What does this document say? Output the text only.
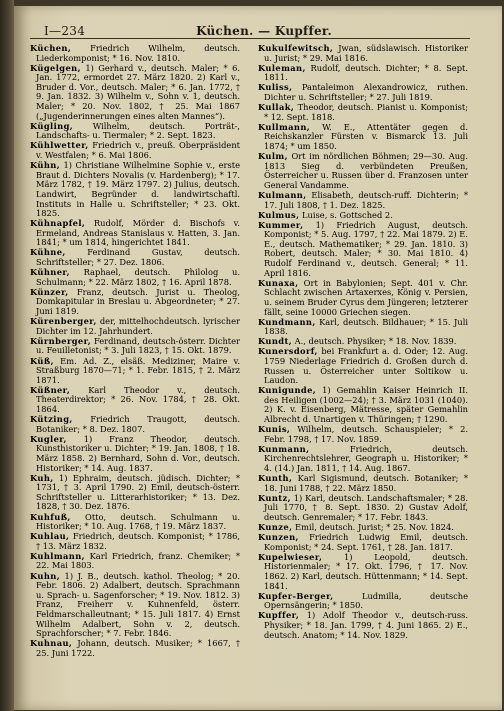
I—234	Küchen. — Kupffer.

Küchen, Friedrich Wilhelm, deutsch. Liederkomponist; * 16. Nov. 1810.

Kügelgen, 1) Gerhard v., deutsch. Maler; * 6. Jan. 1772, ermordet 27. März 1820. 2) Karl v., Bruder d. Vor., deutsch. Maler; * 6. Jan. 1772, † 9. Jan. 1832. 3) Wilhelm v., Sohn v. 1, deutsch. Maler; * 20. Nov. 1802, † 25. Mai 1867 („Jugenderinnerungen eines alten Mannes“).

Kügling, Wilhelm, deutsch. Porträt-, Landschafts- u. Tiermaler; * 2. Sept. 1823.

Kühlwetter, Friedrich v., preuß. Oberpräsident v. Westfalen; * 6. Mai 1806.

Kühn, 1) Christiane Wilhelmine Sophie v., erste Braut d. Dichters Novalis (v. Hardenberg); * 17. März 1782, † 19. März 1797. 2) Julius, deutsch. Landwirt, Begründer d. landwirtschaftl. Instituts in Halle u. Schriftsteller; * 23. Okt. 1825.

Kühnapfel, Rudolf, Mörder d. Bischofs v. Ermeland, Andreas Stanislaus v. Hatten, 3. Jan. 1841; * um 1814, hingerichtet 1841.

Kühne,	Ferdinand Gustav, deutsch. Schriftsteller; * 27. Dez. 1806.

Kühner, Raphael, deutsch. Philolog u. Schulmann; * 22. März 1802, † 16. April 1878.

Künzer, Franz, deutsch. Jurist u. Theolog, Domkapitular in Breslau u. Abgeordneter; * 27. Juni 1819.

Kürenberger, der, mittelhochdeutsch. lyrischer Dichter im 12. Jahrhundert.

Kürnberger, Ferdinand, deutsch-österr. Dichter u. Feuilletonist; * 3. Juli 1823, † 15. Okt. 1879.

Küß, Em. Ad. Z., elsäß. Mediziner, Maire v. Straßburg 1870—71; * 1. Febr. 1815, † 2. März 1871.

Küßner, Karl Theodor v., deutsch. Theaterdirektor; * 26. Nov. 1784, † 28. Okt. 1864.

Kützing, Friedrich Traugott, deutsch. Botaniker; * 8. Dez. 1807.

Kugler, 1) Franz Theodor, deutsch. Kunsthistoriker u. Dichter; * 19. Jan. 1808, † 18. März 1858. 2) Bernhard, Sohn d. Vor., deutsch. Historiker; * 14. Aug. 1837.

Kuh, 1) Ephraim, deutsch. jüdisch. Dichter; * 1731, † 3. April 1790. 2) Emil, deutsch-österr. Schriftsteller u. Litterarhistoriker; * 13. Dez. 1828, † 30. Dez. 1876.

Kuhfuß, Otto, deutsch. Schulmann u. Historiker; * 10. Aug. 1768, † 19. März 1837.

Kuhlau, Friedrich, deutsch. Komponist; * 1786, † 13. März 1832.

Kuhlmann, Karl Friedrich, franz. Chemiker; * 22. Mai 1803.

Kuhn, 1) J. B., deutsch. kathol. Theolog; * 20. Febr. 1806. 2) Adalbert, deutsch. Sprachmann u. Sprach- u. Sagenforscher; * 19. Nov. 1812. 3) Franz, Freiherr v. Kuhnenfeld, österr. Feldmarschalleutnant; * 15. Juli 1817. 4) Ernst Wilhelm Adalbert, Sohn v. 2, deutsch. Sprachforscher; * 7. Febr. 1846.

Kuhnau, Johann, deutsch. Musiker; * 1667, † 25. Juni 1722.

Kukulfewitsch, Jwan, südslawisch. Historiker u. Jurist; * 29. Mai 1816.

Kuleman, Rudolf, deutsch. Dichter; * 8. Sept. 1811.

Kuliss, Pantaleimon Alexandrowicz, ruthen. Dichter u. Schriftsteller; * 27. Juli 1819.

Kullak, Theodor, deutsch. Pianist u. Komponist; * 12. Sept. 1818.

Kullmann, W. E., Attentäter gegen d. Reichskanzler Fürsten v. Bismarck 13. Juli 1874; * um 1850.

Kulm, Ort im nördlichen Böhmen; 29—30. Aug. 1813 Sieg d. verbündeten Preußen, Österreicher u. Russen über d. Franzosen unter General Vandamme.

Kulmann, Elisabeth, deutsch-ruff. Dichterin; * 17. Juli 1808, † 1. Dez. 1825.

Kulmus, Luise, s. Gottsched 2.

Kummer, 1) Friedrich August, deutsch. Komponist; * 5. Aug. 1797, † 22. Mai 1879. 2) E. E., deutsch. Mathematiker; * 29. Jan. 1810. 3) Robert, deutsch. Maler; * 30. Mai 1810. 4) Rudolf Ferdinand v., deutsch. General; * 11. April 1816.

Kunaxa, Ort in Babylonien; Sept. 401 v. Chr. Schlacht zwischen Artaxerxes, König v. Persien, u. seinem Bruder Cyrus dem Jüngeren; letzterer fällt, seine 10000 Griechen siegen.

Kundmann, Karl, deutsch. Bildhauer; * 15. Juli 1838.

Kundt, A., deutsch. Physiker; * 18. Nov. 1839.

Kunersdorf, bei Frankfurt a. d. Oder; 12. Aug. 1759 Niederlage Friedrich d. Großen durch d. Russen u. Österreicher unter Soltikow u. Laudon.

Kunigunde, 1) Gemahlin Kaiser Heinrich II. des Heiligen (1002—24); † 3. März 1031 (1040). 2) K. v. Eisenberg, Mätresse, später Gemahlin Albrecht d. Unartigen v. Thüringen; † 1290.

Kunis, Wilhelm, deutsch. Schauspieler; * 2. Febr. 1798, † 17. Nov. 1859.

Kunmann,	Friedrich, deutsch. Kirchenrechtslehrer, Geograph u. Historiker; * 4. (14.) Jan. 1811, † 14. Aug. 1867.

Kunth, Karl Sigismund, deutsch. Botaniker; * 18. Juni 1788, † 22. März 1850.

Kuntz, 1) Karl, deutsch. Landschaftsmaler; * 28. Juli 1770, † 8. Sept. 1830. 2) Gustav Adolf, deutsch. Genremaler; * 17. Febr. 1843.

Kunze, Emil, deutsch. Jurist; * 25. Nov. 1824.

Kunzen, Friedrich Ludwig Emil, deutsch. Komponist; * 24. Sept. 1761, † 28. Jan. 1817.

Kupelwieser,	1) Leopold, deutsch. Historienmaler; * 17. Okt. 1796, † 17. Nov. 1862. 2) Karl, deutsch. Hüttenmann; * 14. Sept. 1841.

Kupfer-Berger,	Ludmilla, deutsche Opernsängerin; * 1850.

Kupffer, 1) Adolf Theodor v., deutsch-russ. Physiker; * 18. Jan. 1799, † 4. Juni 1865. 2) E., deutsch. Anatom; * 14. Nov. 1829.
